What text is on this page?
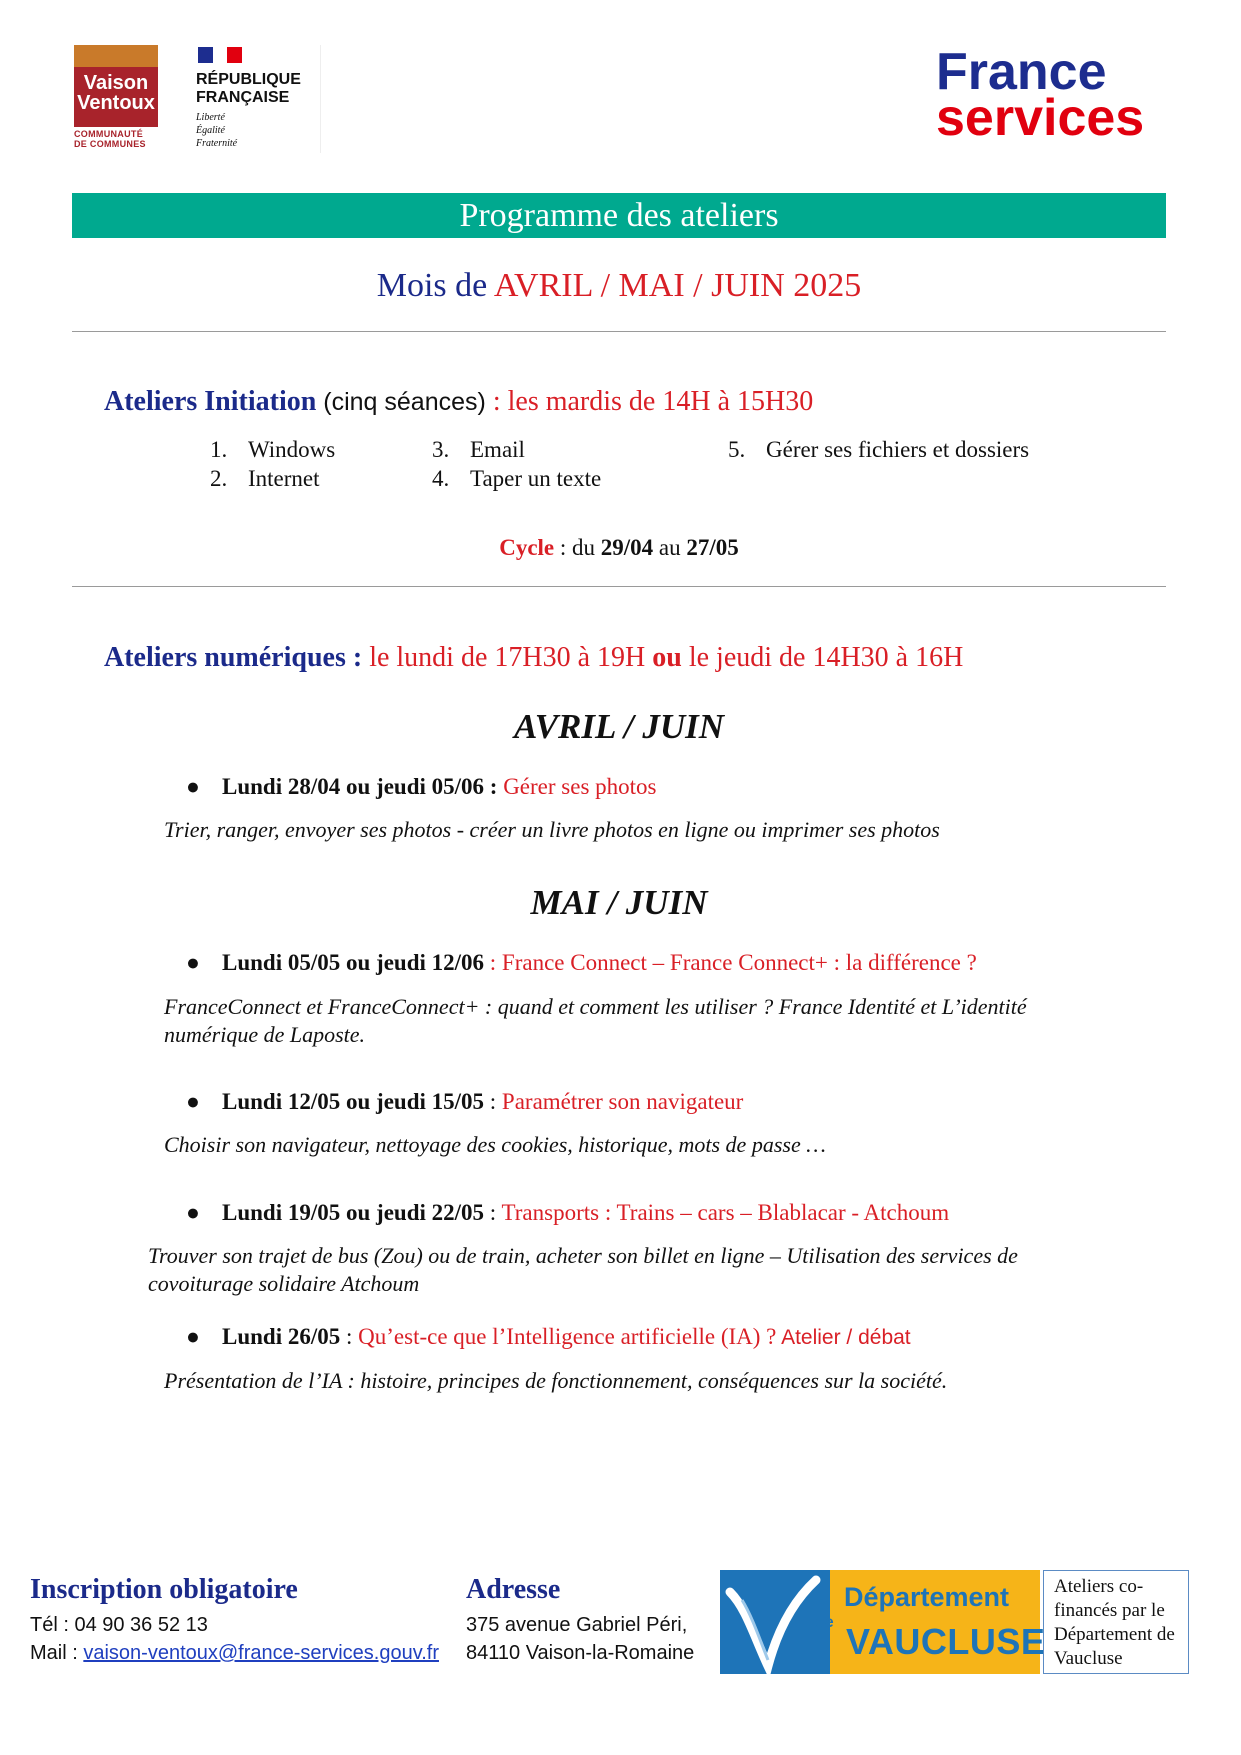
Vaison
Ventoux
COMMUNAUTÉ
DE COMMUNES
RÉPUBLIQUE
FRANÇAISE
Liberté
Égalité
Fraternité
France
services
Programme des ateliers
Mois de AVRIL / MAI / JUIN 2025
Ateliers Initiation (cinq séances) : les mardis de 14H à 15H30
1. Windows
2. Internet
3. Email
4. Taper un texte
5. Gérer ses fichiers et dossiers
Cycle : du 29/04 au 27/05
Ateliers numériques : le lundi de 17H30 à 19H ou le jeudi de 14H30 à 16H
AVRIL / JUIN
● Lundi 28/04 ou jeudi 05/06 : Gérer ses photos
Trier, ranger, envoyer ses photos - créer un livre photos en ligne ou imprimer ses photos
MAI / JUIN
● Lundi 05/05 ou jeudi 12/06 : France Connect – France Connect+ : la différence ?
FranceConnect et FranceConnect+ : quand et comment les utiliser ? France Identité et L’identité
numérique de Laposte.
● Lundi 12/05 ou jeudi 15/05 : Paramétrer son navigateur
Choisir son navigateur, nettoyage des cookies, historique, mots de passe …
● Lundi 19/05 ou jeudi 22/05 : Transports : Trains – cars – Blablacar - Atchoum
Trouver son trajet de bus (Zou) ou de train, acheter son billet en ligne – Utilisation des services de
covoiturage solidaire Atchoum
● Lundi 26/05 : Qu’est-ce que l’Intelligence artificielle (IA) ? Atelier / débat
Présentation de l’IA : histoire, principes de fonctionnement, conséquences sur la société.
Inscription obligatoire
Tél : 04 90 36 52 13
Mail : vaison-ventoux@france-services.gouv.fr
Adresse
375 avenue Gabriel Péri,
84110 Vaison-la-Romaine
Département
de VAUCLUSE
Ateliers co-financés par le Département de Vaucluse
